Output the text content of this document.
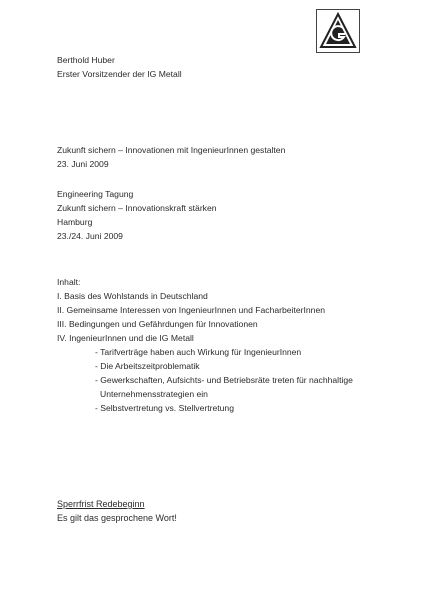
Berthold Huber
Erster Vorsitzender der IG Metall
Zukunft sichern – Innovationen mit IngenieurInnen gestalten
23. Juni 2009
Engineering Tagung
Zukunft sichern – Innovationskraft stärken
Hamburg
23./24. Juni 2009
Inhalt:
I. Basis des Wohlstands in Deutschland
II. Gemeinsame Interessen von IngenieurInnen und FacharbeiterInnen
III. Bedingungen und Gefährdungen für Innovationen
IV. IngenieurInnen und die IG Metall
- Tarifverträge haben auch Wirkung für IngenieurInnen
- Die Arbeitszeitproblematik
- Gewerkschaften, Aufsichts- und Betriebsräte treten für nachhaltige
Unternehmensstrategien ein
- Selbstvertretung vs. Stellvertretung
Sperrfrist Redebeginn
Es gilt das gesprochene Wort!
